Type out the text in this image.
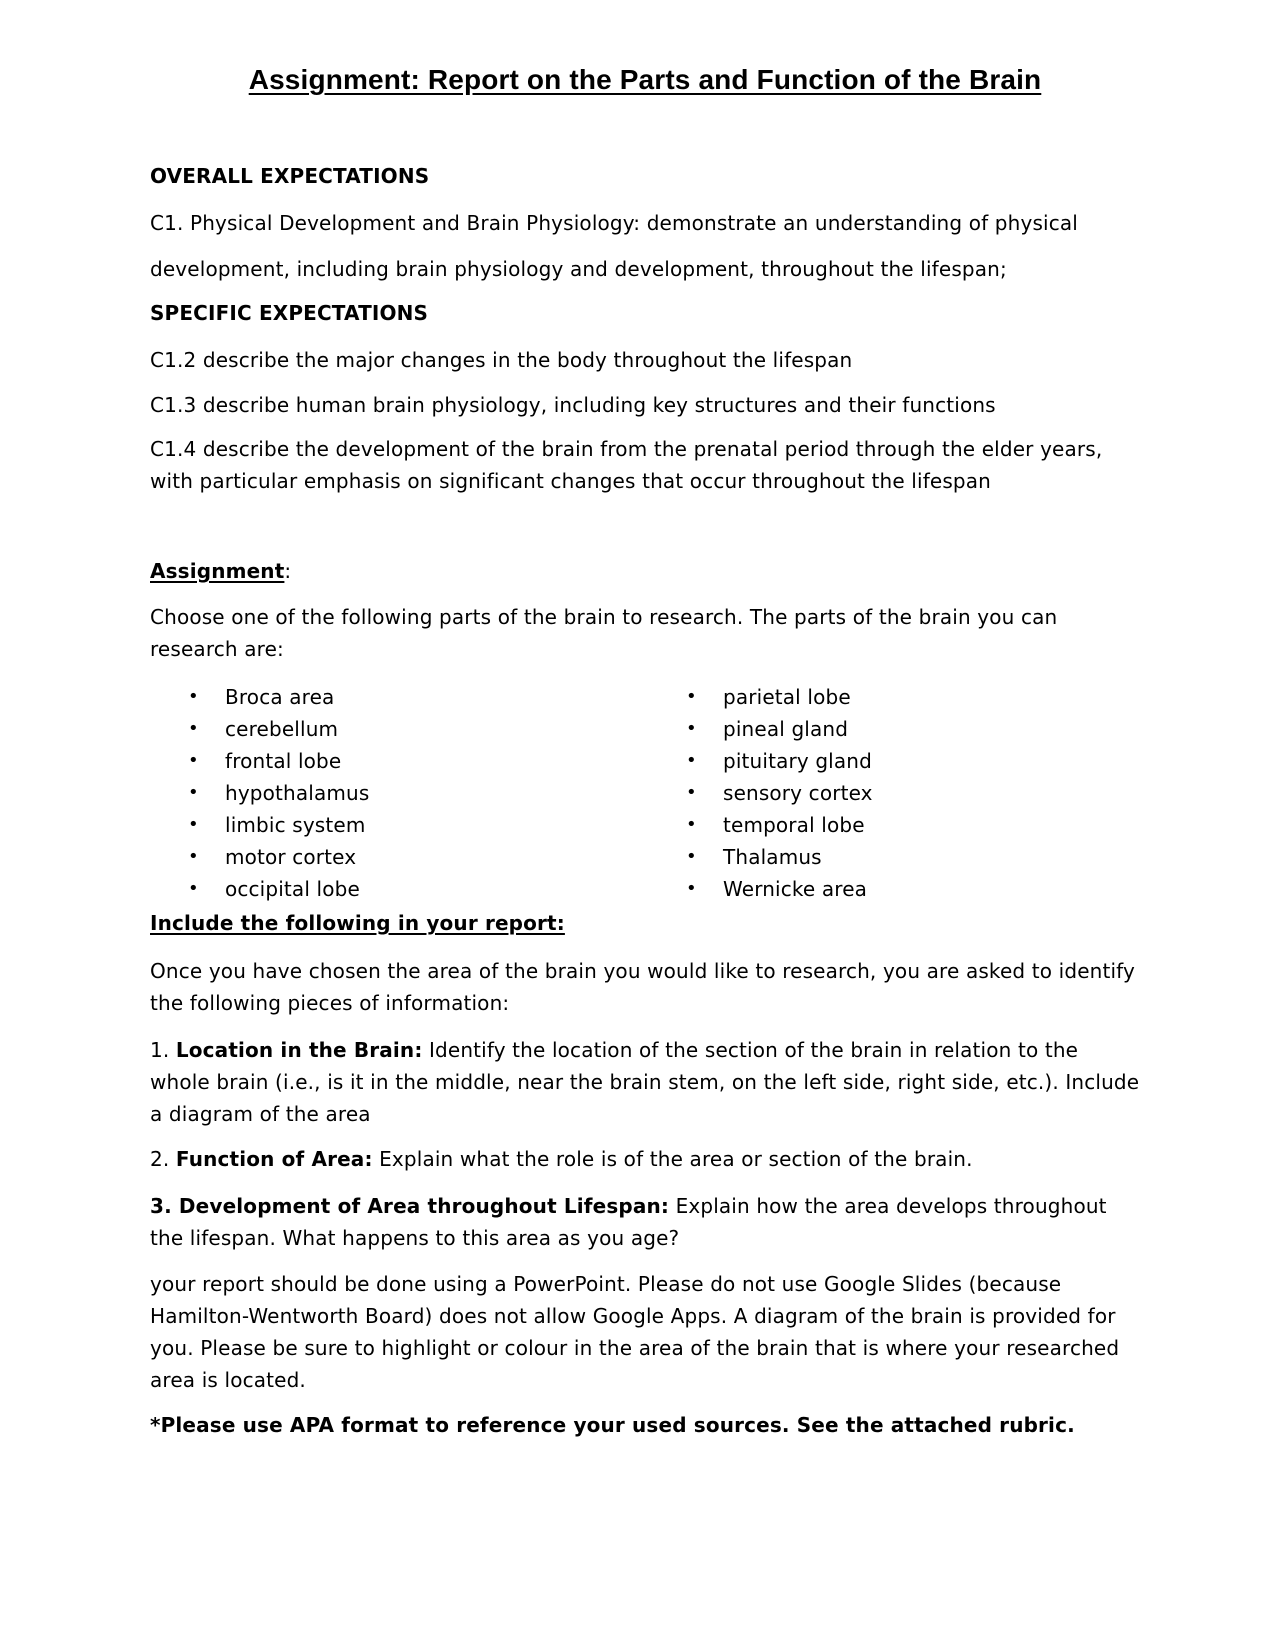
Assignment: Report on the Parts and Function of the Brain
OVERALL EXPECTATIONS
C1. Physical Development and Brain Physiology: demonstrate an understanding of physical
development, including brain physiology and development, throughout the lifespan;
SPECIFIC EXPECTATIONS
C1.2 describe the major changes in the body throughout the lifespan
C1.3 describe human brain physiology, including key structures and their functions
C1.4 describe the development of the brain from the prenatal period through the elder years, with particular emphasis on significant changes that occur throughout the lifespan
Assignment:
Choose one of the following parts of the brain to research. The parts of the brain you can research are:
• Broca area
• cerebellum
• frontal lobe
• hypothalamus
• limbic system
• motor cortex
• occipital lobe
• parietal lobe
• pineal gland
• pituitary gland
• sensory cortex
• temporal lobe
• Thalamus
• Wernicke area
Include the following in your report:
Once you have chosen the area of the brain you would like to research, you are asked to identify the following pieces of information:
1. Location in the Brain: Identify the location of the section of the brain in relation to the whole brain (i.e., is it in the middle, near the brain stem, on the left side, right side, etc.). Include a diagram of the area
2. Function of Area: Explain what the role is of the area or section of the brain.
3. Development of Area throughout Lifespan: Explain how the area develops throughout the lifespan. What happens to this area as you age?
your report should be done using a PowerPoint. Please do not use Google Slides (because Hamilton-Wentworth Board) does not allow Google Apps. A diagram of the brain is provided for you. Please be sure to highlight or colour in the area of the brain that is where your researched area is located.
*Please use APA format to reference your used sources. See the attached rubric.
